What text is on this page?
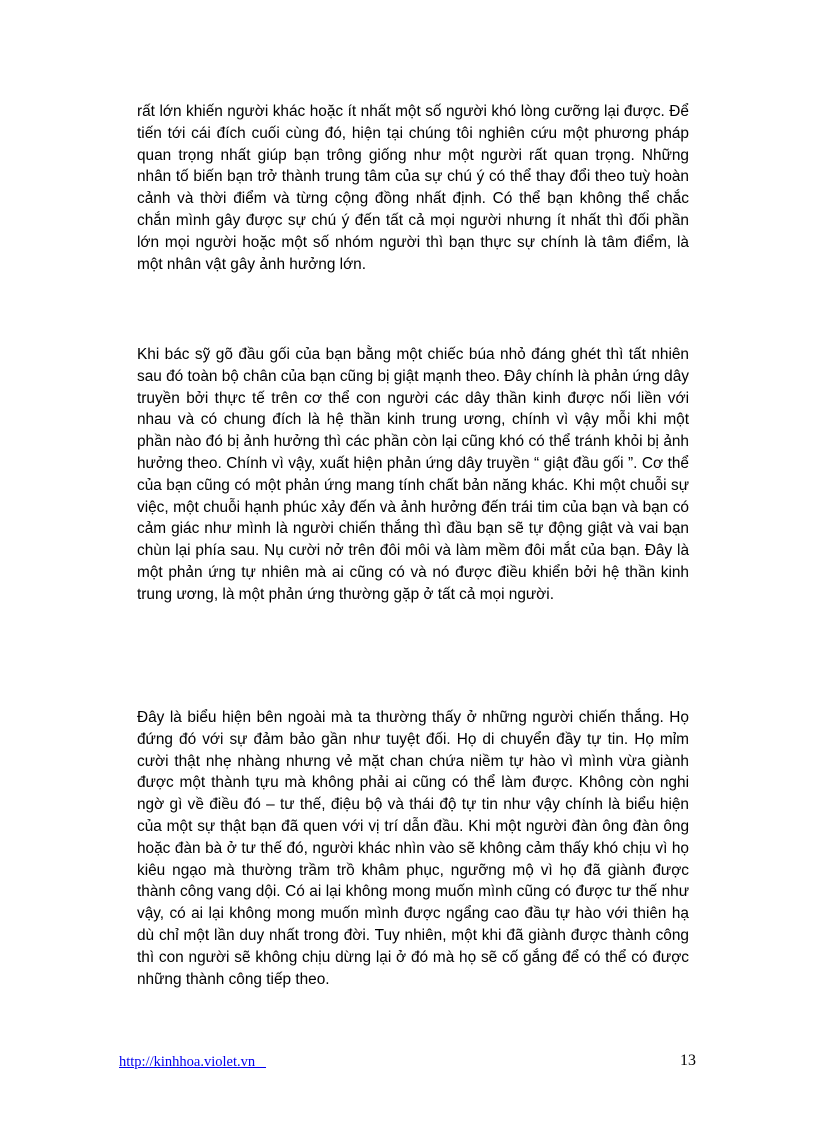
rất lớn khiến người khác hoặc ít nhất một số người khó lòng cưỡng lại được. Để tiến tới cái đích cuối cùng đó, hiện tại chúng tôi nghiên cứu một phương pháp quan trọng nhất giúp bạn trông giống như một người rất quan trọng. Những nhân tố biến bạn trở thành trung tâm của sự chú ý có thể thay đổi theo tuỳ hoàn cảnh và thời điểm và từng cộng đồng nhất định. Có thể bạn không thể chắc chắn mình gây được sự chú ý đến tất cả mọi người nhưng ít nhất thì đối phần lớn mọi người hoặc một số nhóm người thì bạn thực sự chính là tâm điểm, là một nhân vật gây ảnh hưởng lớn.

Khi bác sỹ gõ đầu gối của bạn bằng một chiếc búa nhỏ đáng ghét thì tất nhiên sau đó toàn bộ chân của bạn cũng bị giật mạnh theo. Đây chính là phản ứng dây truyền bởi thực tế trên cơ thể con người các dây thần kinh được nối liền với nhau và có chung đích là hệ thần kinh trung ương, chính vì vậy mỗi khi một phần nào đó bị ảnh hưởng thì các phần còn lại cũng khó có thể tránh khỏi bị ảnh hưởng theo. Chính vì vậy, xuất hiện phản ứng dây truyền “ giật đầu gối ”. Cơ thể của bạn cũng có một phản ứng mang tính chất bản năng khác. Khi một chuỗi sự việc, một chuỗi hạnh phúc xảy đến và ảnh hưởng đến trái tim của bạn và bạn có cảm giác như mình là người chiến thắng thì đầu bạn sẽ tự động giật và vai bạn chùn lại phía sau. Nụ cười nở trên đôi môi và làm mềm đôi mắt của bạn. Đây là một phản ứng tự nhiên mà ai cũng có và nó được điều khiển bởi hệ thần kinh trung ương, là một phản ứng thường gặp ở tất cả mọi người.

Đây là biểu hiện bên ngoài mà ta thường thấy ở những người chiến thắng. Họ đứng đó với sự đảm bảo gần như tuyệt đối. Họ di chuyển đầy tự tin. Họ mỉm cười thật nhẹ nhàng nhưng vẻ mặt chan chứa niềm tự hào vì mình vừa giành được một thành tựu mà không phải ai cũng có thể làm được. Không còn nghi ngờ gì về điều đó – tư thế, điệu bộ và thái độ tự tin như vậy chính là biểu hiện của một sự thật bạn đã quen với vị trí dẫn đầu. Khi một người đàn ông đàn ông hoặc đàn bà ở tư thế đó, người khác nhìn vào sẽ không cảm thấy khó chịu vì họ kiêu ngạo mà thường trầm trồ khâm phục, ngưỡng mộ vì họ đã giành được thành công vang dội. Có ai lại không mong muốn mình cũng có được tư thế như vậy, có ai lại không mong muốn mình được ngẩng cao đầu tự hào với thiên hạ dù chỉ một lần duy nhất trong đời. Tuy nhiên, một khi đã giành được thành công thì con người sẽ không chịu dừng lại ở đó mà họ sẽ cố gắng để có thể có được những thành công tiếp theo.

http://kinhhoa.violet.vn	13
